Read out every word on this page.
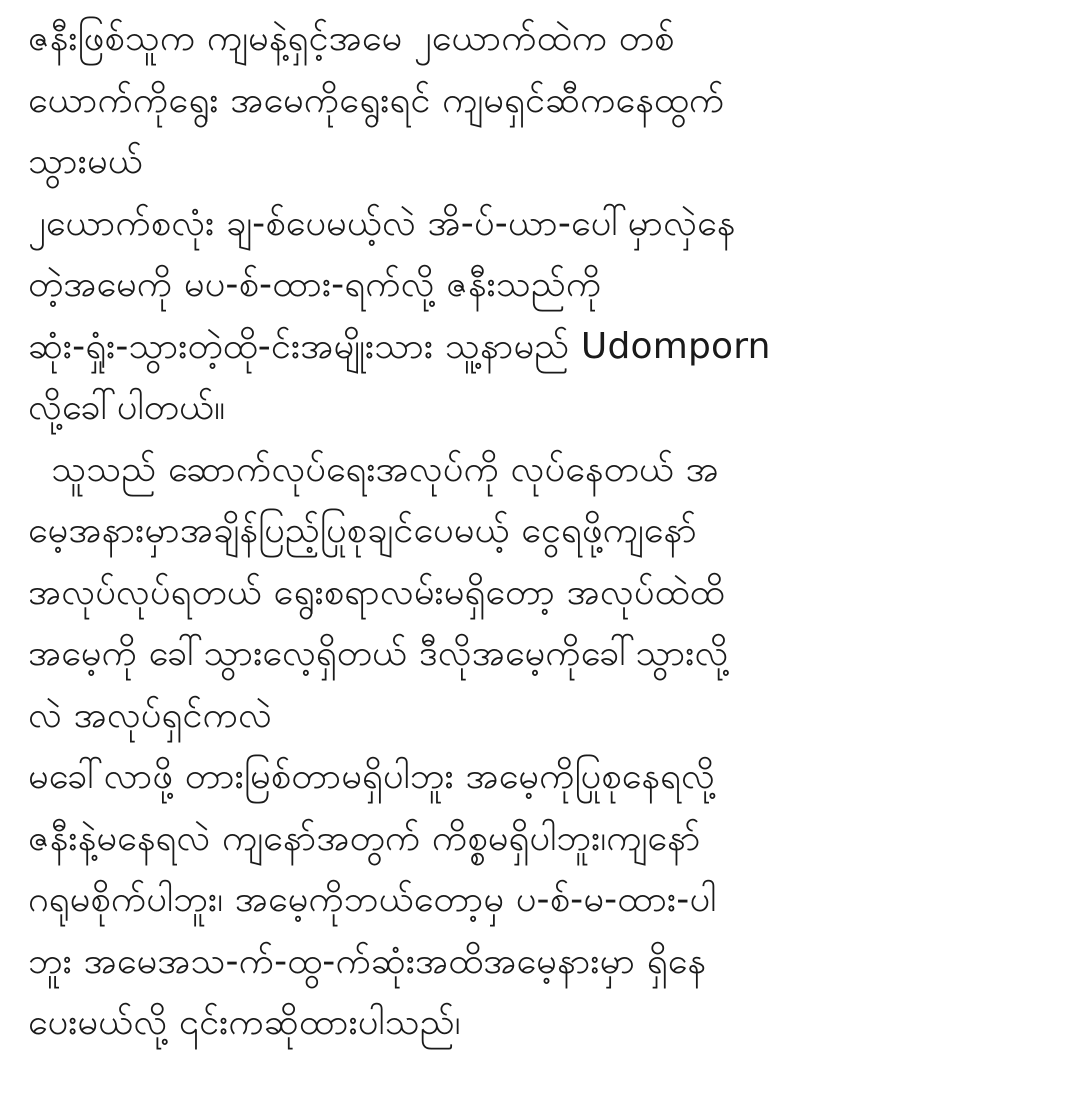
ဇနီးဖြစ်သူက ကျမနဲ့ရှင့်အမေ ၂ယောက်ထဲက တစ်
ယောက်ကိုရွေး အမေကိုရွေးရင် ကျမရှင်ဆီကနေထွက်
သွားမယ်
၂ယောက်စလုံး ချ-စ်ပေမယ့်လဲ အိ-ပ်-ယာ-ပေါ်မှာလှဲနေ
တဲ့အမေကို မပ-စ်-ထား-ရက်လို့ ဇနီးသည်ကို
ဆုံး-ရှုံး-သွားတဲ့ထို-င်းအမျိုးသား သူ့နာမည် Udomporn
လို့ခေါ်ပါတယ်။
သူသည် ဆောက်လုပ်ရေးအလုပ်ကို လုပ်နေတယ် အ
မေ့အနားမှာအချိန်ပြည့်ပြုစုချင်ပေမယ့် ငွေရဖို့ကျနော်
အလုပ်လုပ်ရတယ် ရွေးစရာလမ်းမရှိတော့ အလုပ်ထဲထိ
အမေ့ကို ခေါ်သွားလေ့ရှိတယ် ဒီလိုအမေ့ကိုခေါ်သွားလို့
လဲ အလုပ်ရှင်ကလဲ
မခေါ်လာဖို့ တားမြစ်တာမရှိပါဘူး အမေ့ကိုပြုစုနေရလို့
ဇနီးနဲ့မနေရလဲ ကျနော်အတွက် ကိစ္စမရှိပါဘူး၊ကျနော်
ဂရုမစိုက်ပါဘူး၊ အမေ့ကိုဘယ်တော့မှ ပ-စ်-မ-ထား-ပါ
ဘူး အမေအသ-က်-ထွ-က်ဆုံးအထိအမေ့နားမှာ ရှိနေ
ပေးမယ်လို့ ၎င်းကဆိုထားပါသည်၊
